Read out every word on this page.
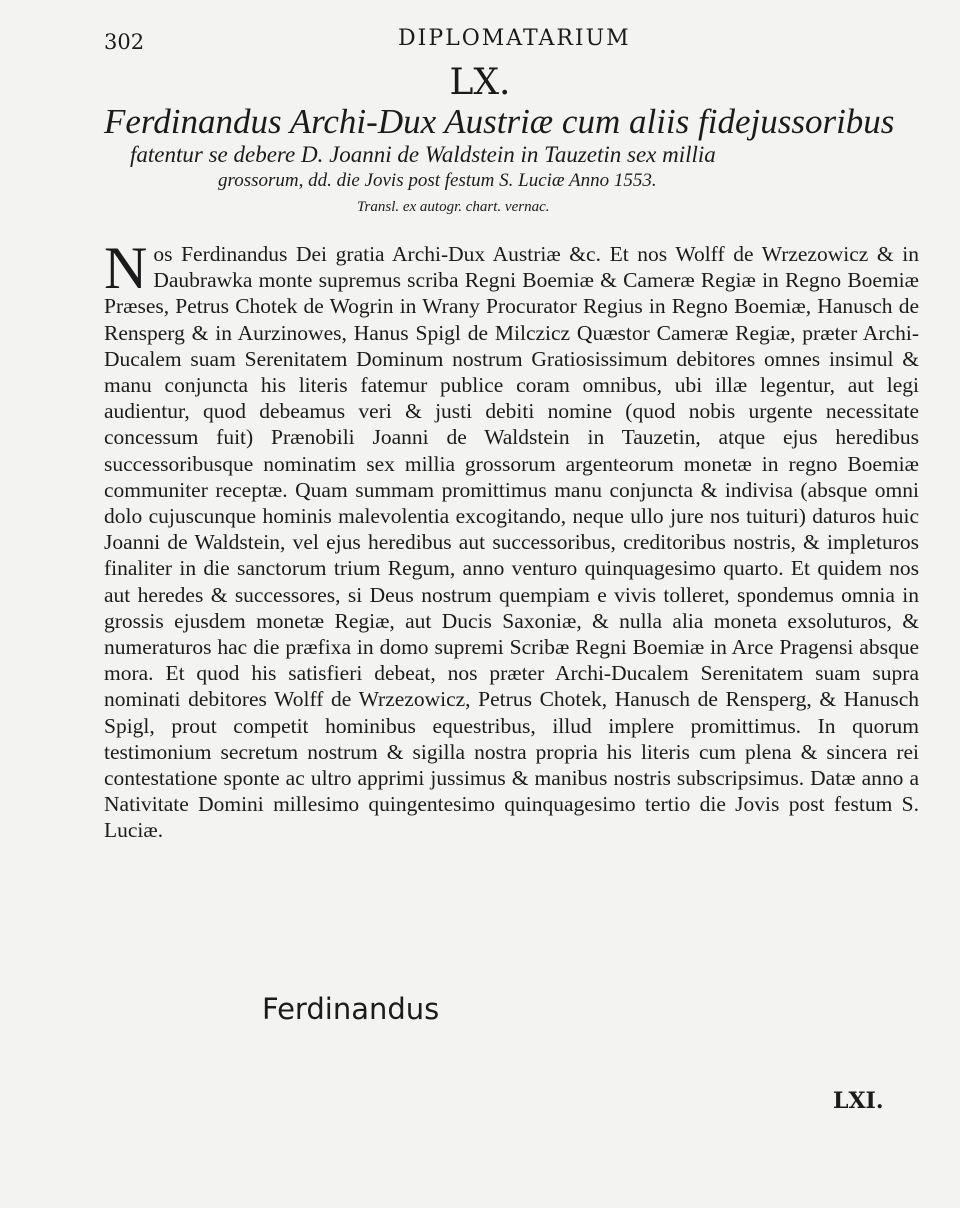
302	DIPLOMATARIUM
LX.
Ferdinandus Archi-Dux Austriæ cum aliis fidejussoribus
fatentur se debere D. Joanni de Waldstein in Tauzetin sex millia
grossorum, dd. die Jovis post festum S. Luciæ Anno 1553.
Transl. ex autogr. chart. vernac.
N os Ferdinandus Dei gratia Archi-Dux Austriæ &c. Et nos Wolff de Wrzezowicz & in Daubrawka monte supremus scriba Regni Boemiæ & Cameræ Regiæ in Regno Boemiæ Præses, Petrus Chotek de Wogrin in Wrany Procurator Regius in Regno Boemiæ, Hanusch de Rensperg & in Aurzinowes, Hanus Spigl de Milczicz Quæstor Cameræ Regiæ, præter Archi-Ducalem suam Serenitatem Dominum nostrum Gratiosissimum debitores omnes insimul & manu conjuncta his literis fatemur publice coram omnibus, ubi illæ legentur, aut legi audientur, quod debeamus veri & justi debiti nomine (quod nobis urgente necessitate concessum fuit) Prænobili Joanni de Waldstein in Tauzetin, atque ejus heredibus successoribusque nominatim sex millia grossorum argenteorum monetæ in regno Boemiæ communiter receptæ. Quam summam promittimus manu conjuncta & indivisa (absque omni dolo cujuscunque hominis malevolentia excogitando, neque ullo jure nos tuituri) daturos huic Joanni de Waldstein, vel ejus heredibus aut successoribus, creditoribus nostris, & impleturos finaliter in die sanctorum trium Regum, anno venturo quinquagesimo quarto. Et quidem nos aut heredes & successores, si Deus nostrum quempiam e vivis tolleret, spondemus omnia in grossis ejusdem monetæ Regiæ, aut Ducis Saxoniæ, & nulla alia moneta exsoluturos, & numeraturos hac die præfixa in domo supremi Scribæ Regni Boemiæ in Arce Pragensi absque mora. Et quod his satisfieri debeat, nos præter Archi-Ducalem Serenitatem suam supra nominati debitores Wolff de Wrzezowicz, Petrus Chotek, Hanusch de Rensperg, & Hanusch Spigl, prout competit hominibus equestribus, illud implere promittimus. In quorum testimonium secretum nostrum & sigilla nostra propria his literis cum plena & sincera rei contestatione sponte ac ultro apprimi jussimus & manibus nostris subscripsimus. Datæ anno a Nativitate Domini millesimo quingentesimo quinquagesimo tertio die Jovis post festum S. Luciæ.

Ferdinandus
LXI.
